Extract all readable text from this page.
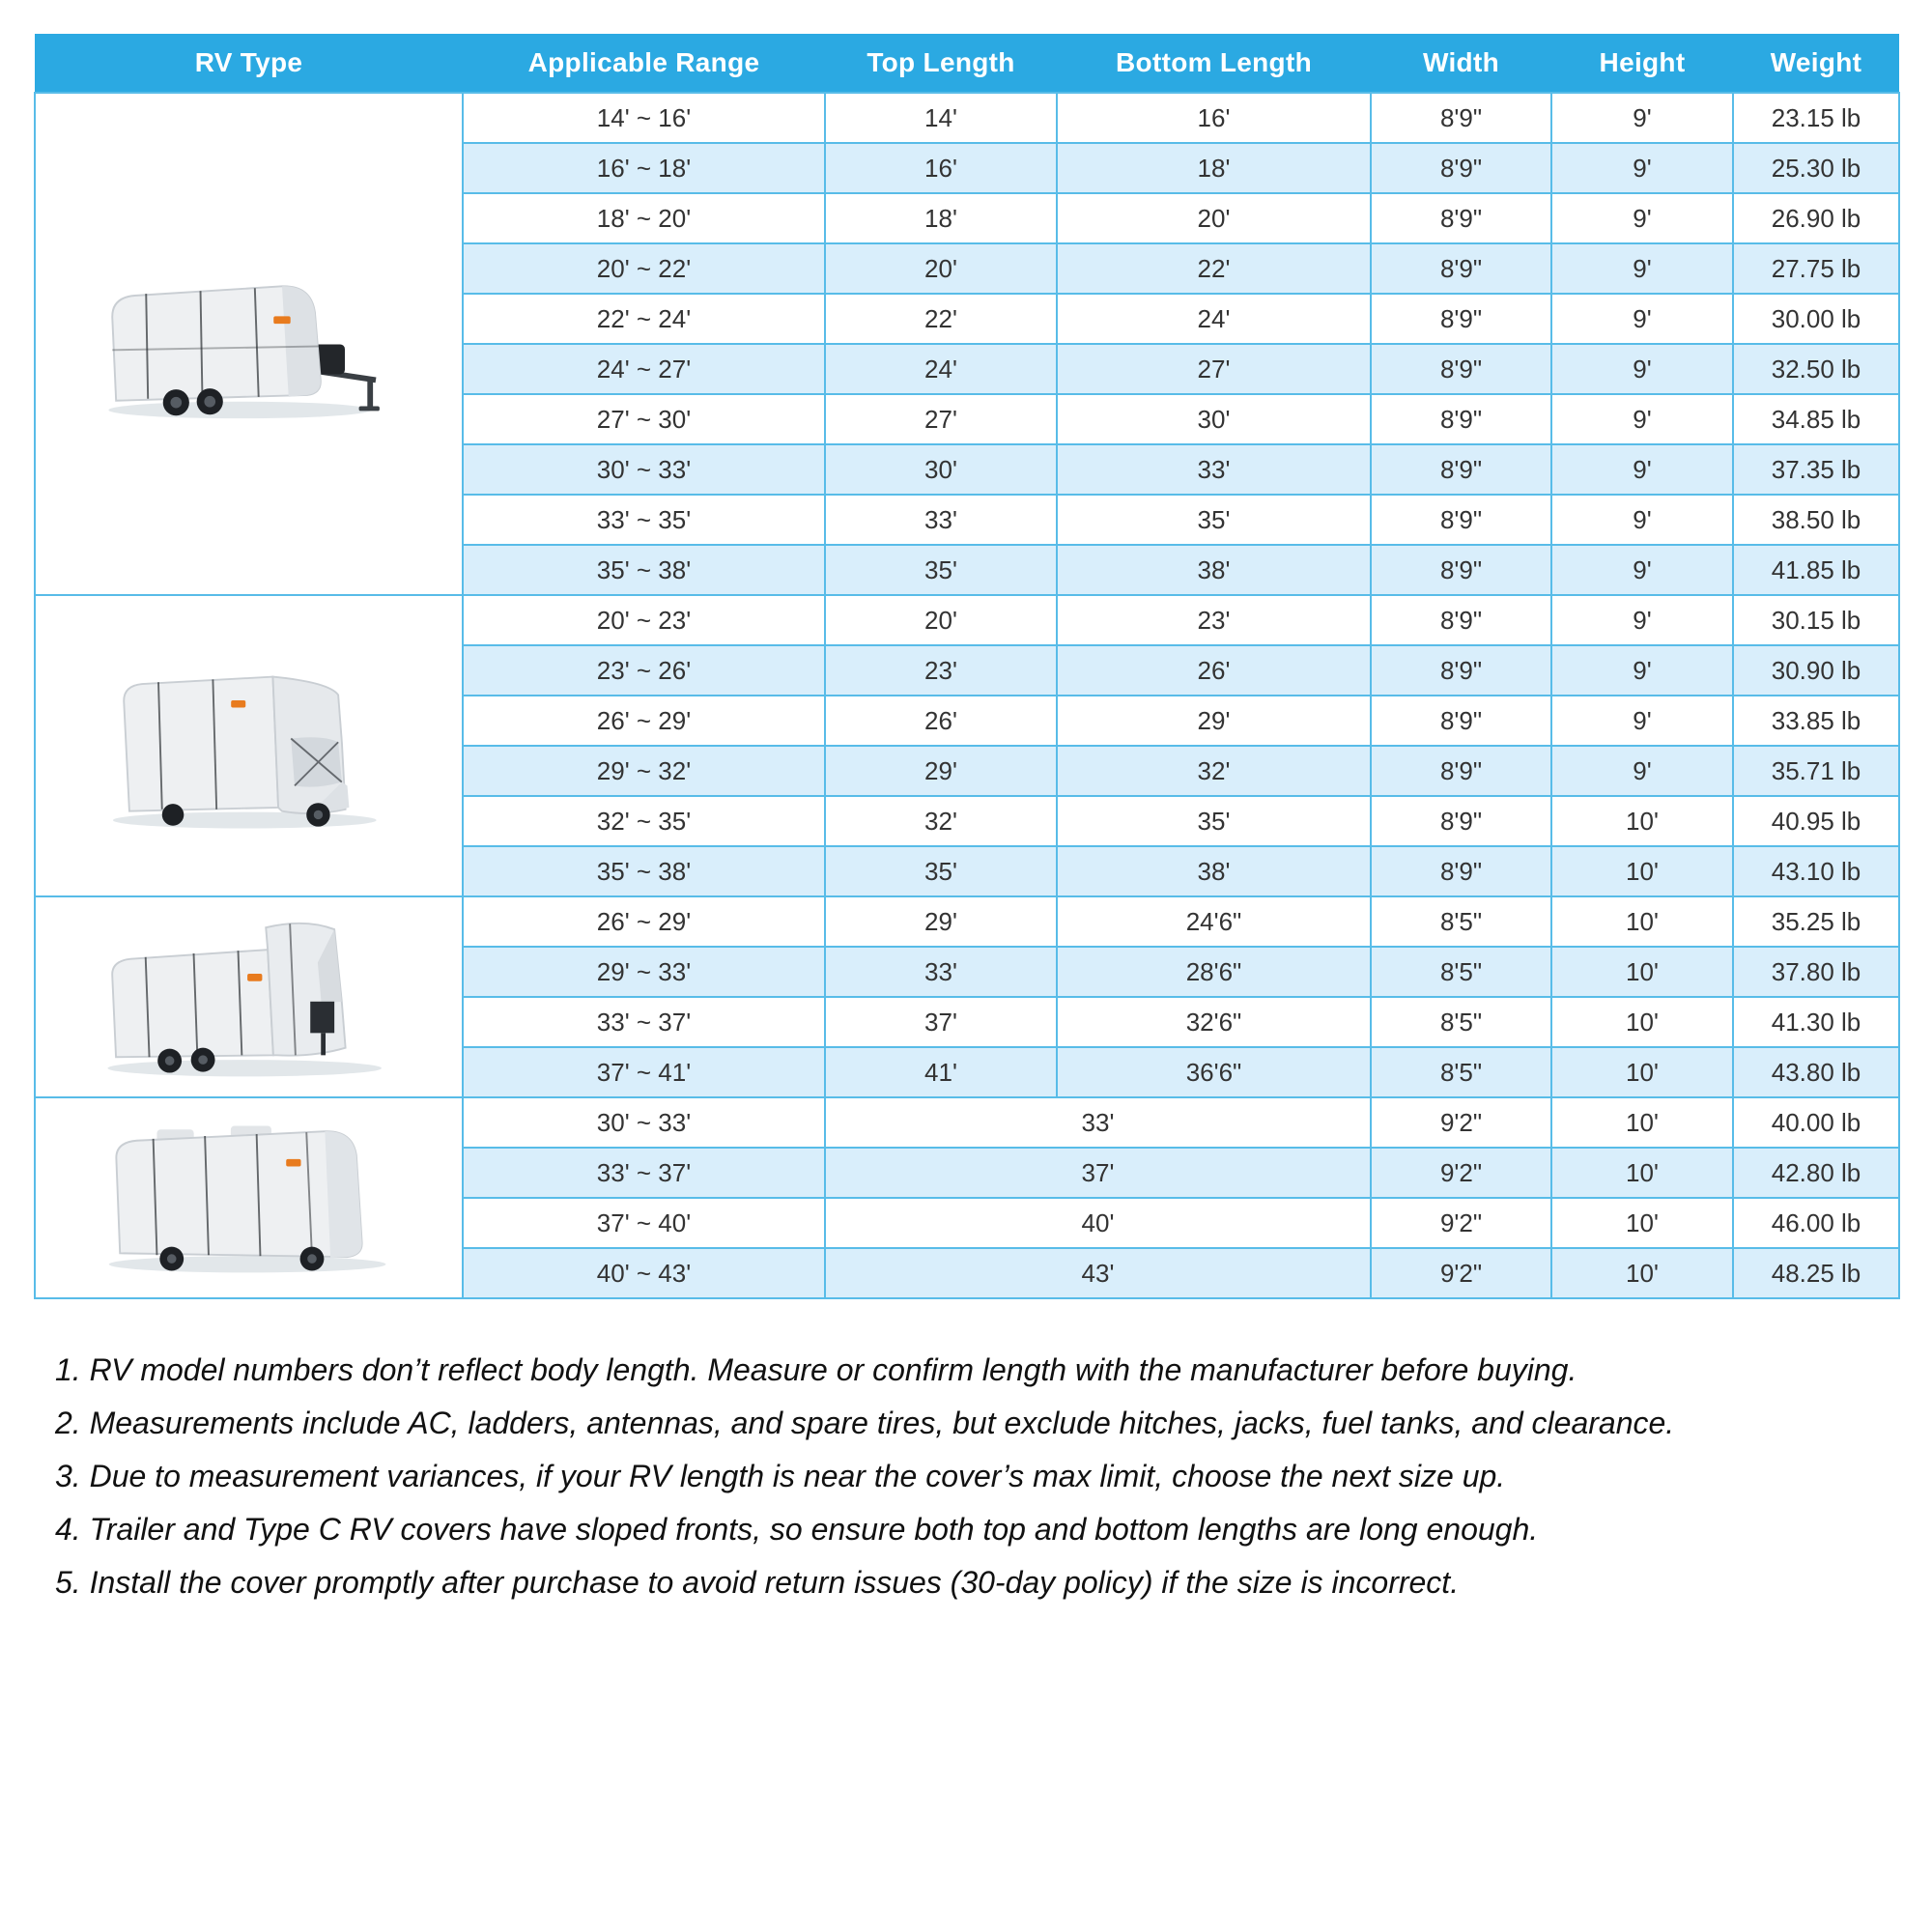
RV Type	Applicable Range	Top Length	Bottom Length	Width	Height	Weight

	14' ~ 16'	14'	16'	8'9"	9'	23.15 lb
	16' ~ 18'	16'	18'	8'9"	9'	25.30 lb
	18' ~ 20'	18'	20'	8'9"	9'	26.90 lb
	20' ~ 22'	20'	22'	8'9"	9'	27.75 lb
	22' ~ 24'	22'	24'	8'9"	9'	30.00 lb
	24' ~ 27'	24'	27'	8'9"	9'	32.50 lb
	27' ~ 30'	27'	30'	8'9"	9'	34.85 lb
	30' ~ 33'	30'	33'	8'9"	9'	37.35 lb
	33' ~ 35'	33'	35'	8'9"	9'	38.50 lb
	35' ~ 38'	35'	38'	8'9"	9'	41.85 lb

	20' ~ 23'	20'	23'	8'9"	9'	30.15 lb
	23' ~ 26'	23'	26'	8'9"	9'	30.90 lb
	26' ~ 29'	26'	29'	8'9"	9'	33.85 lb
	29' ~ 32'	29'	32'	8'9"	9'	35.71 lb
	32' ~ 35'	32'	35'	8'9"	10'	40.95 lb
	35' ~ 38'	35'	38'	8'9"	10'	43.10 lb

	26' ~ 29'	29'	24'6"	8'5"	10'	35.25 lb
	29' ~ 33'	33'	28'6"	8'5"	10'	37.80 lb
	33' ~ 37'	37'	32'6"	8'5"	10'	41.30 lb
	37' ~ 41'	41'	36'6"	8'5"	10'	43.80 lb

	30' ~ 33'	33'		9'2"	10'	40.00 lb
	33' ~ 37'	37'		9'2"	10'	42.80 lb
	37' ~ 40'	40'		9'2"	10'	46.00 lb
	40' ~ 43'	43'		9'2"	10'	48.25 lb
1. RV model numbers don’t reflect body length. Measure or confirm length with the manufacturer before buying.
2. Measurements include AC, ladders, antennas, and spare tires, but exclude hitches, jacks, fuel tanks, and clearance.
3. Due to measurement variances, if your RV length is near the cover’s max limit, choose the next size up.
4. Trailer and Type C RV covers have sloped fronts, so ensure both top and bottom lengths are long enough.
5. Install the cover promptly after purchase to avoid return issues (30-day policy) if the size is incorrect.
